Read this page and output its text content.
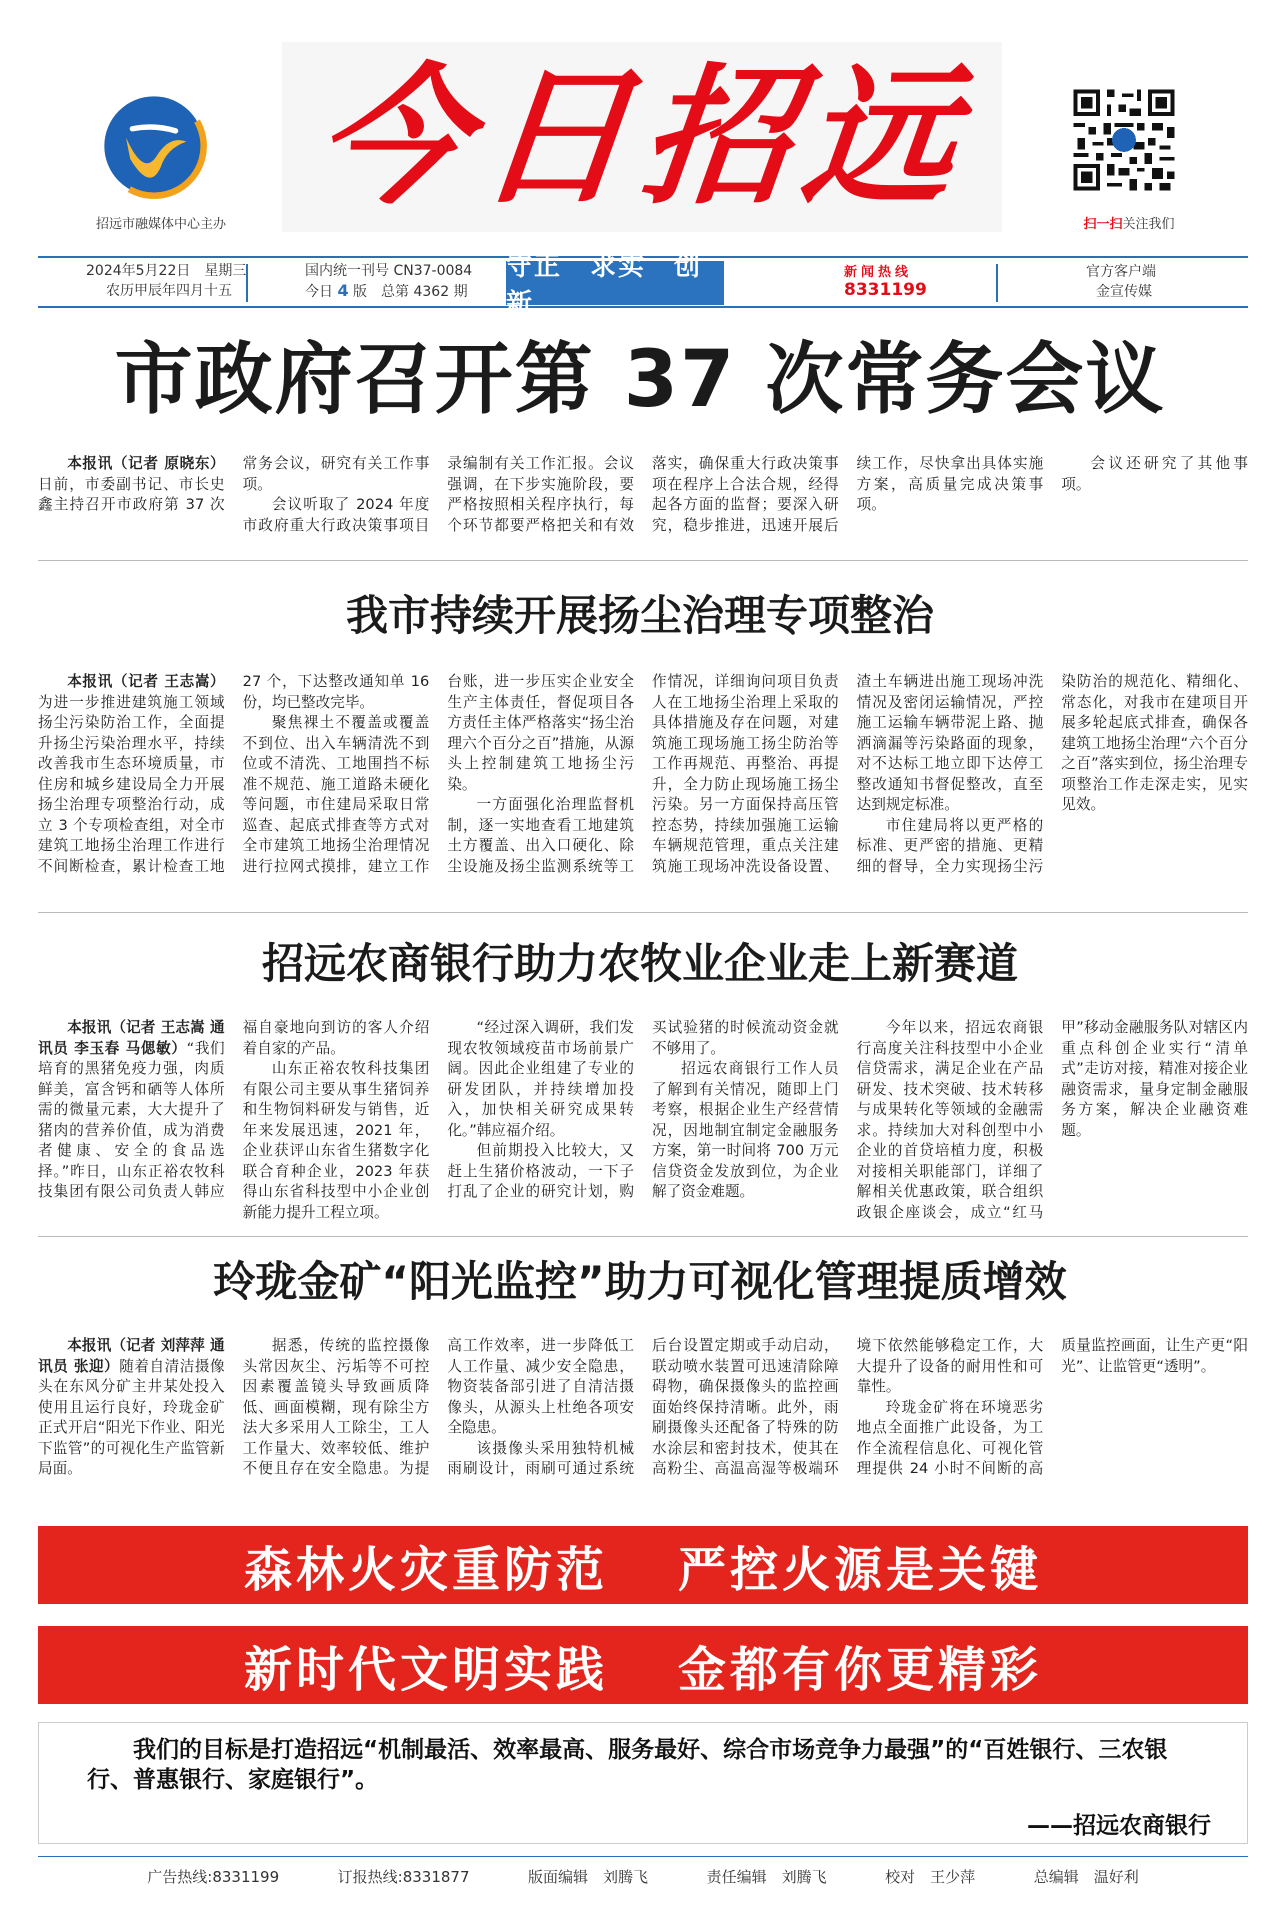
招远市融媒体中心主办 今日招远	扫一扫关注我们
2024年5月22日　星期三
农历甲辰年四月十五
国内统一刊号 CN37-0084
今日 4 版　总第 4362 期
守正　求实　创新
新闻热线
8331199
官方客户端
金宣传媒
市政府召开第 37 次常务会议

本报讯（记者 原晓东）日前，市委副书记、市长史鑫主持召开市政府第 37 次常务会议，研究有关工作事项。

会议听取了 2024 年度市政府重大行政决策事项目录编制有关工作汇报。会议强调，在下步实施阶段，要严格按照相关程序执行，每个环节都要严格把关和有效落实，确保重大行政决策事项在程序上合法合规，经得起各方面的监督；要深入研究，稳步推进，迅速开展后续工作，尽快拿出具体实施方案，高质量完成决策事项。

会议还研究了其他事项。

我市持续开展扬尘治理专项整治

本报讯（记者 王志嵩）为进一步推进建筑施工领域扬尘污染防治工作，全面提升扬尘污染治理水平，持续改善我市生态环境质量，市住房和城乡建设局全力开展扬尘治理专项整治行动，成立 3 个专项检查组，对全市建筑工地扬尘治理工作进行不间断检查，累计检查工地 27 个，下达整改通知单 16 份，均已整改完毕。

聚焦裸土不覆盖或覆盖不到位、出入车辆清洗不到位或不清洗、工地围挡不标准不规范、施工道路未硬化等问题，市住建局采取日常巡查、起底式排查等方式对全市建筑工地扬尘治理情况进行拉网式摸排，建立工作台账，进一步压实企业安全生产主体责任，督促项目各方责任主体严格落实“扬尘治理六个百分之百”措施，从源头上控制建筑工地扬尘污染。

一方面强化治理监督机制，逐一实地查看工地建筑土方覆盖、出入口硬化、除尘设施及扬尘监测系统等工作情况，详细询问项目负责人在工地扬尘治理上采取的具体措施及存在问题，对建筑施工现场施工扬尘防治等工作再规范、再整治、再提升，全力防止现场施工扬尘污染。另一方面保持高压管控态势，持续加强施工运输车辆规范管理，重点关注建筑施工现场冲洗设备设置、渣土车辆进出施工现场冲洗情况及密闭运输情况，严控施工运输车辆带泥上路、抛洒滴漏等污染路面的现象，对不达标工地立即下达停工整改通知书督促整改，直至达到规定标准。

市住建局将以更严格的标准、更严密的措施、更精细的督导，全力实现扬尘污染防治的规范化、精细化、常态化，对我市在建项目开展多轮起底式排查，确保各建筑工地扬尘治理“六个百分之百”落实到位，扬尘治理专项整治工作走深走实，见实见效。

招远农商银行助力农牧业企业走上新赛道

本报讯（记者 王志嵩 通讯员 李玉春 马偲敏）“我们培育的黑猪免疫力强，肉质鲜美，富含钙和硒等人体所需的微量元素，大大提升了猪肉的营养价值，成为消费者健康、安全的食品选择。”昨日，山东正裕农牧科技集团有限公司负责人韩应福自豪地向到访的客人介绍着自家的产品。

山东正裕农牧科技集团有限公司主要从事生猪饲养和生物饲料研发与销售，近年来发展迅速，2021 年，企业获评山东省生猪数字化联合育种企业，2023 年获得山东省科技型中小企业创新能力提升工程立项。

“经过深入调研，我们发现农牧领域疫苗市场前景广阔。因此企业组建了专业的研发团队，并持续增加投入，加快相关研究成果转化。”韩应福介绍。

但前期投入比较大，又赶上生猪价格波动，一下子打乱了企业的研究计划，购买试验猪的时候流动资金就不够用了。

招远农商银行工作人员了解到有关情况，随即上门考察，根据企业生产经营情况，因地制宜制定金融服务方案，第一时间将 700 万元信贷资金发放到位，为企业解了资金难题。

今年以来，招远农商银行高度关注科技型中小企业信贷需求，满足企业在产品研发、技术突破、技术转移与成果转化等领域的金融需求。持续加大对科创型中小企业的首贷培植力度，积极对接相关职能部门，详细了解相关优惠政策，联合组织政银企座谈会，成立“红马甲”移动金融服务队对辖区内重点科创企业实行“清单式”走访对接，精准对接企业融资需求，量身定制金融服务方案，解决企业融资难题。

玲珑金矿“阳光监控”助力可视化管理提质增效

本报讯（记者 刘萍萍 通讯员 张迎）随着自清洁摄像头在东风分矿主井某处投入使用且运行良好，玲珑金矿正式开启“阳光下作业、阳光下监管”的可视化生产监管新局面。

据悉，传统的监控摄像头常因灰尘、污垢等不可控因素覆盖镜头导致画质降低、画面模糊，现有除尘方法大多采用人工除尘，工人工作量大、效率较低、维护不便且存在安全隐患。为提高工作效率，进一步降低工人工作量、减少安全隐患，物资装备部引进了自清洁摄像头，从源头上杜绝各项安全隐患。

该摄像头采用独特机械雨刷设计，雨刷可通过系统后台设置定期或手动启动，联动喷水装置可迅速清除障碍物，确保摄像头的监控画面始终保持清晰。此外，雨刷摄像头还配备了特殊的防水涂层和密封技术，使其在高粉尘、高温高湿等极端环境下依然能够稳定工作，大大提升了设备的耐用性和可靠性。

玲珑金矿将在环境恶劣地点全面推广此设备，为工作全流程信息化、可视化管理提供 24 小时不间断的高质量监控画面，让生产更“阳光”、让监管更“透明”。

森林火灾重防范 严控火源是关键
新时代文明实践 金都有你更精彩
我们的目标是打造招远“机制最活、效率最高、服务最好、综合市场竞争力最强”的“百姓银行、三农银行、普惠银行、家庭银行”。
——招远农商银行
广告热线:8331199	订报热线:8331877	版面编辑　刘腾飞	责任编辑　刘腾飞	校对　王少萍	总编辑　温好利
